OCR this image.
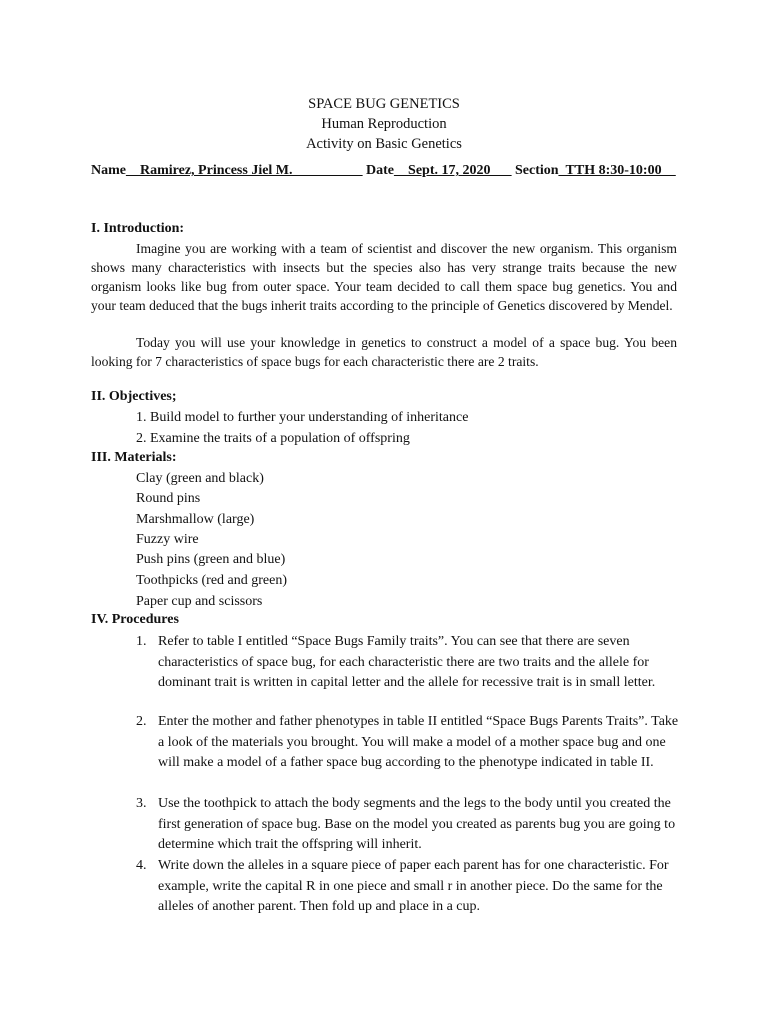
SPACE BUG GENETICS
Human Reproduction
Activity on Basic Genetics
Name__Ramirez, Princess Jiel M.__________ Date__Sept. 17, 2020___ Section_TTH 8:30-10:00__
I. Introduction:
Imagine you are working with a team of scientist and discover the new organism. This organism shows many characteristics with insects but the species also has very strange traits because the new organism looks like bug from outer space. Your team decided to call them space bug genetics. You and your team deduced that the bugs inherit traits according to the principle of Genetics discovered by Mendel.
Today you will use your knowledge in genetics to construct a model of a space bug. You been looking for 7 characteristics of space bugs for each characteristic there are 2 traits.
II. Objectives;
1. Build model to further your understanding of inheritance
2. Examine the traits of a population of offspring
III. Materials:
Clay (green and black)
Round pins
Marshmallow (large)
Fuzzy wire
Push pins (green and blue)
Toothpicks (red and green)
Paper cup and scissors
IV. Procedures
1. Refer to table I entitled “Space Bugs Family traits”. You can see that there are seven characteristics of space bug, for each characteristic there are two traits and the allele for dominant trait is written in capital letter and the allele for recessive trait is in small letter.
2. Enter the mother and father phenotypes in table II entitled “Space Bugs Parents Traits”. Take a look of the materials you brought. You will make a model of a mother space bug and one will make a model of a father space bug according to the phenotype indicated in table II.
3. Use the toothpick to attach the body segments and the legs to the body until you created the first generation of space bug. Base on the model you created as parents bug you are going to determine which trait the offspring will inherit.
4. Write down the alleles in a square piece of paper each parent has for one characteristic. For example, write the capital R in one piece and small r in another piece. Do the same for the alleles of another parent. Then fold up and place in a cup.
